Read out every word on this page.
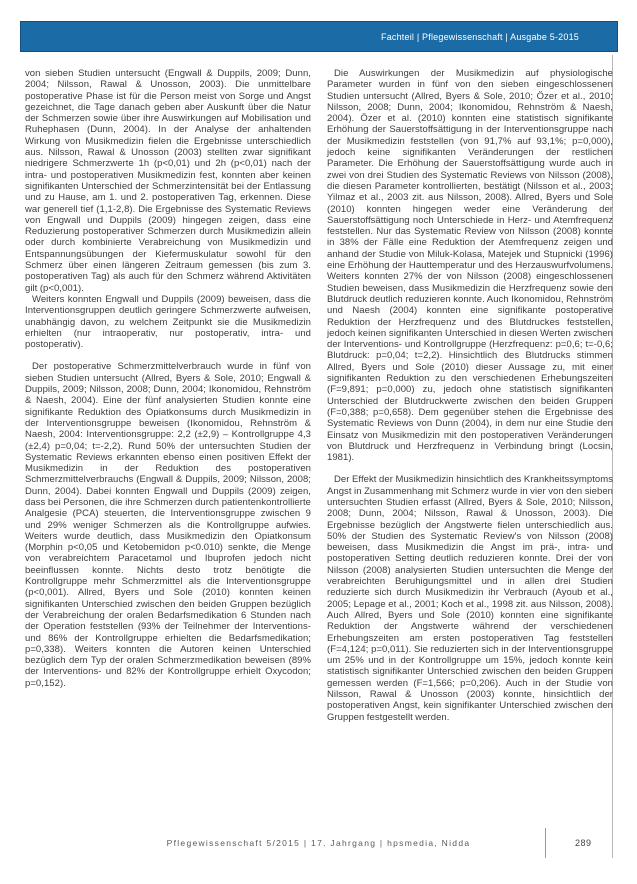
Fachteil | Pflegewissenschaft | Ausgabe 5-2015

von sieben Studien untersucht (Engwall & Duppils, 2009; Dunn, 2004; Nilsson, Rawal & Unosson, 2003). Die unmittelbare postoperative Phase ist für die Person meist von Sorge und Angst gezeichnet, die Tage danach geben aber Auskunft über die Natur der Schmerzen sowie über ihre Auswirkungen auf Mobilisation und Ruhephasen (Dunn, 2004). In der Analyse der anhaltenden Wirkung von Musikmedizin fielen die Ergebnisse unterschiedlich aus. Nilsson, Rawal & Unosson (2003) stellten zwar signifikant niedrigere Schmerzwerte 1h (p<0,01) und 2h (p<0,01) nach der intra- und postoperativen Musikmedizin fest, konnten aber keinen signifikanten Unterschied der Schmerzintensität bei der Entlassung und zu Hause, am 1. und 2. postoperativen Tag, erkennen. Diese war generell tief (1,1-2,8). Die Ergebnisse des Systematic Reviews von Engwall und Duppils (2009) hingegen zeigen, dass eine Reduzierung postoperativer Schmerzen durch Musikmedizin allein oder durch kombinierte Verabreichung von Musikmedizin und Entspannungsübungen der Kiefermuskulatur sowohl für den Schmerz über einen längeren Zeitraum gemessen (bis zum 3. postoperativen Tag) als auch für den Schmerz während Aktivitäten gilt (p<0,001).

Weiters konnten Engwall und Duppils (2009) beweisen, dass die Interventionsgruppen deutlich geringere Schmerzwerte aufweisen, unabhängig davon, zu welchem Zeitpunkt sie die Musikmedizin erhielten (nur intraoperativ, nur postoperativ, intra- und postoperativ).

Der postoperative Schmerzmittelverbrauch wurde in fünf von sieben Studien untersucht (Allred, Byers & Sole, 2010; Engwall & Duppils, 2009; Nilsson, 2008; Dunn, 2004; Ikonomidou, Rehnström & Naesh, 2004). Eine der fünf analysierten Studien konnte eine signifikante Reduktion des Opiatkonsums durch Musikmedizin in der Interventionsgruppe beweisen (Ikonomidou, Rehnström & Naesh, 2004: Interventionsgruppe: 2,2 (±2,9) – Kontrollgruppe 4,3 (±2,4) p=0,04; t=-2,2). Rund 50% der untersuchten Studien der Systematic Reviews erkannten ebenso einen positiven Effekt der Musikmedizin in der Reduktion des postoperativen Schmerzmittelverbrauchs (Engwall & Duppils, 2009; Nilsson, 2008; Dunn, 2004). Dabei konnten Engwall und Duppils (2009) zeigen, dass bei Personen, die ihre Schmerzen durch patientenkontrollierte Analgesie (PCA) steuerten, die Interventionsgruppe zwischen 9 und 29% weniger Schmerzen als die Kontrollgruppe aufwies. Weiters wurde deutlich, dass Musikmedizin den Opiatkonsum (Morphin p<0,05 und Ketobemidon p<0.010) senkte, die Menge von verabreichtem Paracetamol und Ibuprofen jedoch nicht beeinflussen konnte. Nichts desto trotz benötigte die Kontrollgruppe mehr Schmerzmittel als die Interventionsgruppe (p<0,001). Allred, Byers und Sole (2010) konnten keinen signifikanten Unterschied zwischen den beiden Gruppen bezüglich der Verabreichung der oralen Bedarfsmedikation 6 Stunden nach der Operation feststellen (93% der Teilnehmer der Interventions- und 86% der Kontrollgruppe erhielten die Bedarfsmedikation; p=0,338). Weiters konnten die Autoren keinen Unterschied bezüglich dem Typ der oralen Schmerzmedikation beweisen (89% der Interventions- und 82% der Kontrollgruppe erhielt Oxycodon; p=0,152).

Die Auswirkungen der Musikmedizin auf physiologische Parameter wurden in fünf von den sieben eingeschlossenen Studien untersucht (Allred, Byers & Sole, 2010; Özer et al., 2010; Nilsson, 2008; Dunn, 2004; Ikonomidou, Rehnström & Naesh, 2004). Özer et al. (2010) konnten eine statistisch signifikante Erhöhung der Sauerstoffsättigung in der Interventionsgruppe nach der Musikmedizin feststellen (von 91,7% auf 93,1%; p=0,000), jedoch keine signifikanten Veränderungen der restlichen Parameter. Die Erhöhung der Sauerstoffsättigung wurde auch in zwei von drei Studien des Systematic Reviews von Nilsson (2008), die diesen Parameter kontrollierten, bestätigt (Nilsson et al., 2003; Yilmaz et al., 2003 zit. aus Nilsson, 2008). Allred, Byers und Sole (2010) konnten hingegen weder eine Veränderung der Sauerstoffsättigung noch Unterschiede in Herz- und Atemfrequenz feststellen. Nur das Systematic Review von Nilsson (2008) konnte in 38% der Fälle eine Reduktion der Atemfrequenz zeigen und anhand der Studie von Miluk-Kolasa, Matejek und Stupnicki (1996) eine Erhöhung der Hauttemperatur und des Herzauswurfvolumens. Weiters konnten 27% der von Nilsson (2008) eingeschlossenen Studien beweisen, dass Musikmedizin die Herzfrequenz sowie den Blutdruck deutlich reduzieren konnte. Auch Ikonomidou, Rehnström und Naesh (2004) konnten eine signifikante postoperative Reduktion der Herzfrequenz und des Blutdruckes feststellen, jedoch keinen signifikanten Unterschied in diesen Werten zwischen der Interventions- und Kontrollgruppe (Herzfrequenz: p=0,6; t=-0,6; Blutdruck: p=0,04; t=2,2). Hinsichtlich des Blutdrucks stimmen Allred, Byers und Sole (2010) dieser Aussage zu, mit einer signifikanten Reduktion zu den verschiedenen Erhebungszeiten (F=9,891; p=0,000) zu, jedoch ohne statistisch signifikanten Unterschied der Blutdruckwerte zwischen den beiden Gruppen (F=0,388; p=0,658). Dem gegenüber stehen die Ergebnisse des Systematic Reviews von Dunn (2004), in dem nur eine Studie den Einsatz von Musikmedizin mit den postoperativen Veränderungen von Blutdruck und Herzfrequenz in Verbindung bringt (Locsin, 1981).

Der Effekt der Musikmedizin hinsichtlich des Krankheitssymptoms Angst in Zusammenhang mit Schmerz wurde in vier von den sieben untersuchten Studien erfasst (Allred, Byers & Sole, 2010; Nilsson, 2008; Dunn, 2004; Nilsson, Rawal & Unosson, 2003). Die Ergebnisse bezüglich der Angstwerte fielen unterschiedlich aus. 50% der Studien des Systematic Review's von Nilsson (2008) beweisen, dass Musikmedizin die Angst im prä-, intra- und postoperativen Setting deutlich reduzieren konnte. Drei der von Nilsson (2008) analysierten Studien untersuchten die Menge der verabreichten Beruhigungsmittel und in allen drei Studien reduzierte sich durch Musikmedizin ihr Verbrauch (Ayoub et al., 2005; Lepage et al., 2001; Koch et al., 1998 zit. aus Nilsson, 2008). Auch Allred, Byers und Sole (2010) konnten eine signifikante Reduktion der Angstwerte während der verschiedenen Erhebungszeiten am ersten postoperativen Tag feststellen (F=4,124; p=0,011). Sie reduzierten sich in der Interventionsgruppe um 25% und in der Kontrollgruppe um 15%, jedoch konnte kein statistisch signifikanter Unterschied zwischen den beiden Gruppen gemessen werden (F=1,566; p=0,206). Auch in der Studie von Nilsson, Rawal & Unosson (2003) konnte, hinsichtlich der postoperativen Angst, kein signifikanter Unterschied zwischen den Gruppen festgestellt werden.

Pflegewissenschaft 5/2015 | 17. Jahrgang | hpsmedia, Nidda	289
